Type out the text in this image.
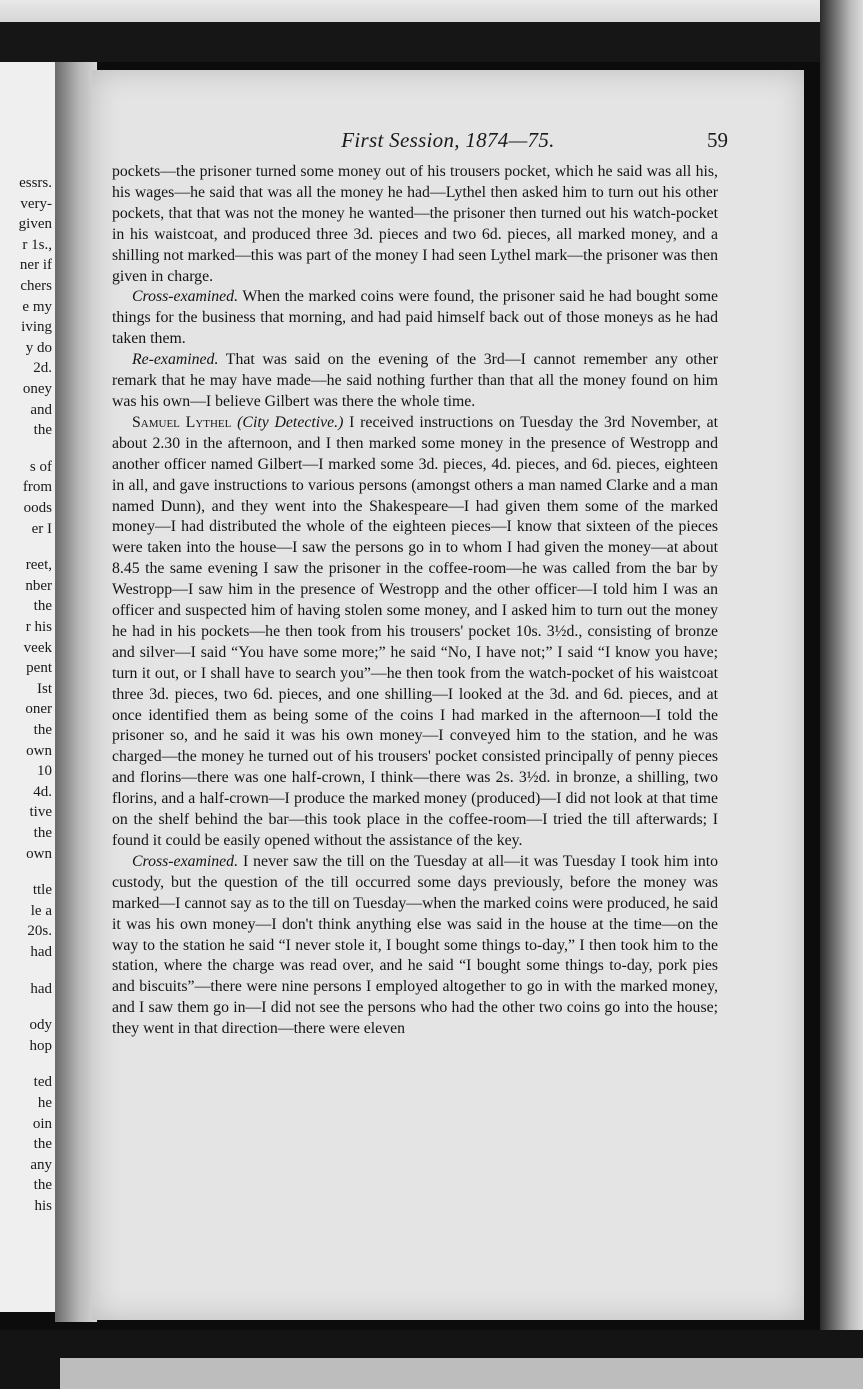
essrs.
very-
given
r 1s.,
ner if
chers
e my
iving
y do
2d.
oney
and
the
s of
from
oods
er I
reet,
nber
the
r his
veek
pent
Ist
oner
the
own
10
4d.
tive
the
own
ttle
le a
20s.
had
had
ody
hop
ted
he
oin
the
any
the
his
First Session, 1874—75.	59

pockets—the prisoner turned some money out of his trousers pocket, which he said was all his, his wages—he said that was all the money he had—Lythel then asked him to turn out his other pockets, that that was not the money he wanted—the prisoner then turned out his watch-pocket in his waistcoat, and produced three 3d. pieces and two 6d. pieces, all marked money, and a shilling not marked—this was part of the money I had seen Lythel mark—the prisoner was then given in charge.

Cross-examined. When the marked coins were found, the prisoner said he had bought some things for the business that morning, and had paid himself back out of those moneys as he had taken them.

Re-examined. That was said on the evening of the 3rd—I cannot remember any other remark that he may have made—he said nothing further than that all the money found on him was his own—I believe Gilbert was there the whole time.

Samuel Lythel (City Detective.) I received instructions on Tuesday the 3rd November, at about 2.30 in the afternoon, and I then marked some money in the presence of Westropp and another officer named Gilbert—I marked some 3d. pieces, 4d. pieces, and 6d. pieces, eighteen in all, and gave instructions to various persons (amongst others a man named Clarke and a man named Dunn), and they went into the Shakespeare—I had given them some of the marked money—I had distributed the whole of the eighteen pieces—I know that sixteen of the pieces were taken into the house—I saw the persons go in to whom I had given the money—at about 8.45 the same evening I saw the prisoner in the coffee-room—he was called from the bar by Westropp—I saw him in the presence of Westropp and the other officer—I told him I was an officer and suspected him of having stolen some money, and I asked him to turn out the money he had in his pockets—he then took from his trousers' pocket 10s. 3½d., consisting of bronze and silver—I said “You have some more;” he said “No, I have not;” I said “I know you have; turn it out, or I shall have to search you”—he then took from the watch-pocket of his waistcoat three 3d. pieces, two 6d. pieces, and one shilling—I looked at the 3d. and 6d. pieces, and at once identified them as being some of the coins I had marked in the afternoon—I told the prisoner so, and he said it was his own money—I conveyed him to the station, and he was charged—the money he turned out of his trousers' pocket consisted principally of penny pieces and florins—there was one half-crown, I think—there was 2s. 3½d. in bronze, a shilling, two florins, and a half-crown—I produce the marked money (produced)—I did not look at that time on the shelf behind the bar—this took place in the coffee-room—I tried the till afterwards; I found it could be easily opened without the assistance of the key.

Cross-examined. I never saw the till on the Tuesday at all—it was Tuesday I took him into custody, but the question of the till occurred some days previously, before the money was marked—I cannot say as to the till on Tuesday—when the marked coins were produced, he said it was his own money—I don't think anything else was said in the house at the time—on the way to the station he said “I never stole it, I bought some things to-day,” I then took him to the station, where the charge was read over, and he said “I bought some things to-day, pork pies and biscuits”—there were nine persons I employed altogether to go in with the marked money, and I saw them go in—I did not see the persons who had the other two coins go into the house; they went in that direction—there were eleven
